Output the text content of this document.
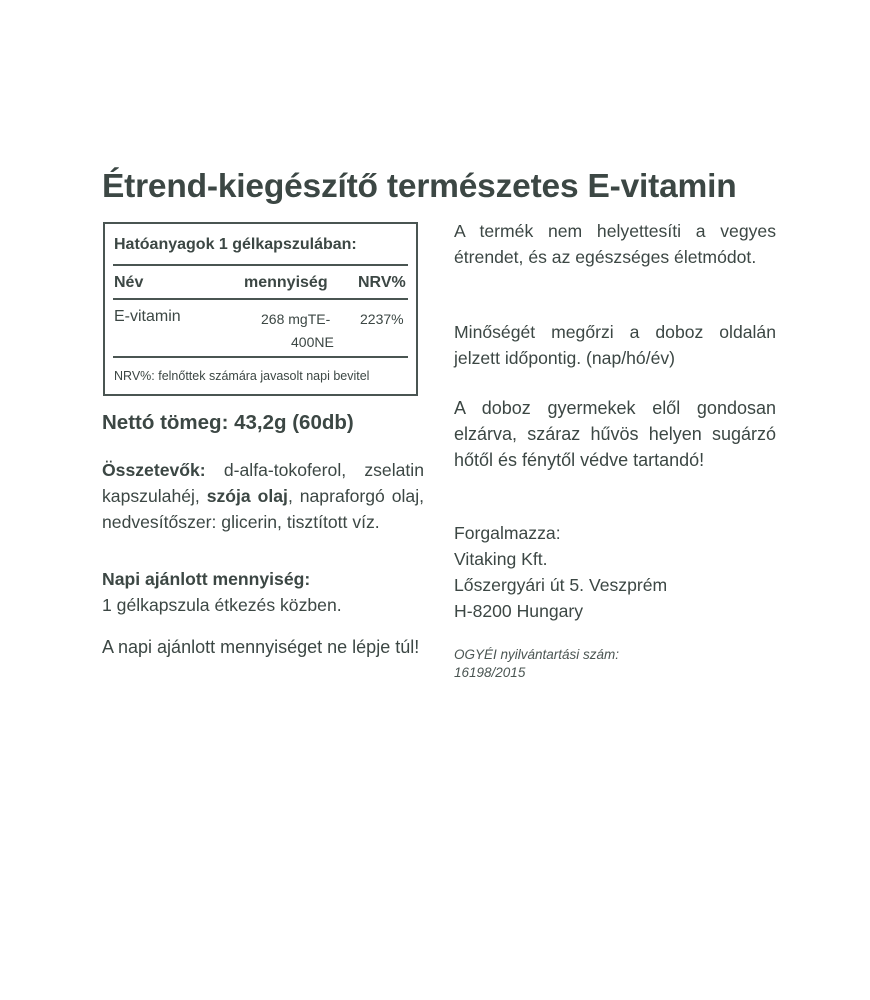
Étrend-kiegészítő természetes E-vitamin
Hatóanyagok 1 gélkapszulában:
Név	mennyiség NRV%
E-vitamin	268 mgTE-
400NE
2237%
NRV%: felnőttek számára javasolt napi bevitel
Nettó tömeg: 43,2g (60db)

Összetevők: d-alfa-tokoferol, zselatin kapszulahéj, szója olaj, napraforgó olaj, nedvesítőszer: glicerin, tisztított víz.

Napi ajánlott mennyiség:
1 gélkapszula étkezés közben.

A napi ajánlott mennyiséget ne lépje túl!

A termék nem helyettesíti a vegyes étrendet, és az egészséges életmódot.

Minőségét megőrzi a doboz oldalán jelzett időpontig. (nap/hó/év)

A doboz gyermekek elől gondosan elzárva, száraz hűvös helyen sugárzó hőtől és fénytől védve tartandó!

Forgalmazza:
Vitaking Kft.
Lőszergyári út 5. Veszprém
H-8200 Hungary
OGYÉI nyilvántartási szám:
16198/2015
